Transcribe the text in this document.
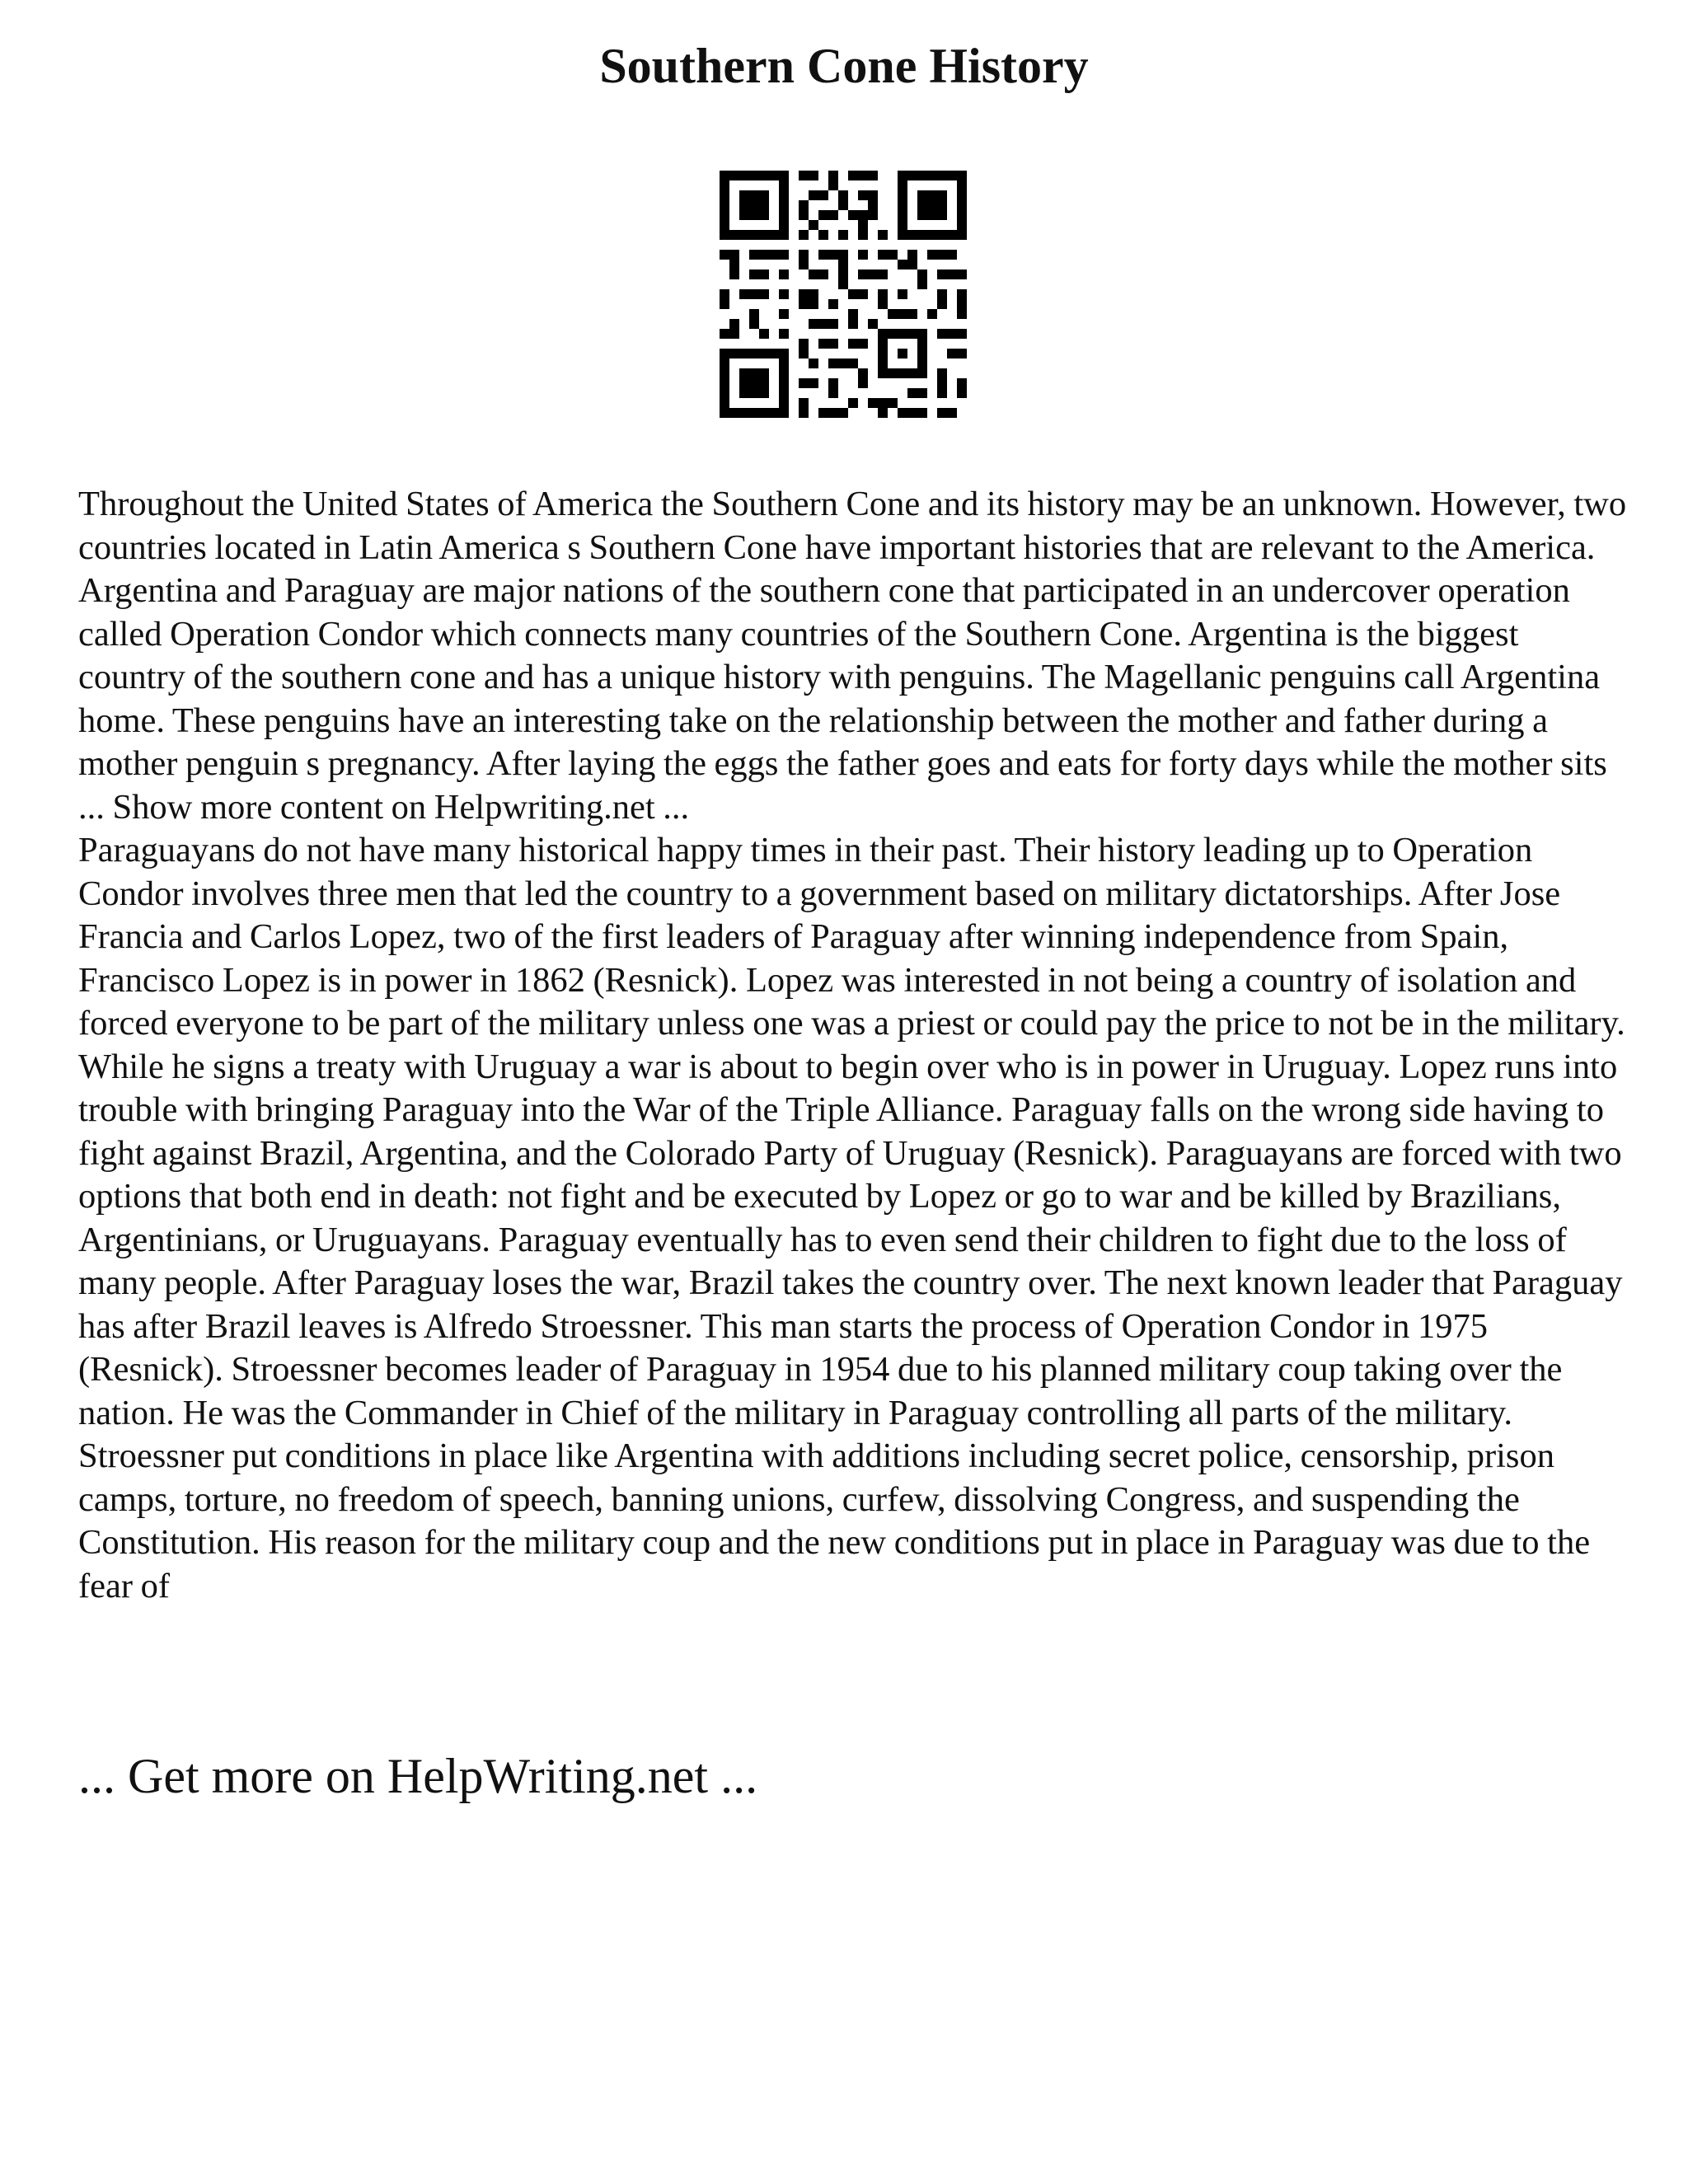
Southern Cone History

Throughout the United States of America the Southern Cone and its history may be an unknown. However, two countries located in Latin America s Southern Cone have important histories that are relevant to the America. Argentina and Paraguay are major nations of the southern cone that participated in an undercover operation called Operation Condor which connects many countries of the Southern Cone. Argentina is the biggest country of the southern cone and has a unique history with penguins. The Magellanic penguins call Argentina home. These penguins have an interesting take on the relationship between the mother and father during a mother penguin s pregnancy. After laying the eggs the father goes and eats for forty days while the mother sits ... Show more content on Helpwriting.net ...

Paraguayans do not have many historical happy times in their past. Their history leading up to Operation Condor involves three men that led the country to a government based on military dictatorships. After Jose Francia and Carlos Lopez, two of the first leaders of Paraguay after winning independence from Spain, Francisco Lopez is in power in 1862 (Resnick). Lopez was interested in not being a country of isolation and forced everyone to be part of the military unless one was a priest or could pay the price to not be in the military. While he signs a treaty with Uruguay a war is about to begin over who is in power in Uruguay. Lopez runs into trouble with bringing Paraguay into the War of the Triple Alliance. Paraguay falls on the wrong side having to fight against Brazil, Argentina, and the Colorado Party of Uruguay (Resnick). Paraguayans are forced with two options that both end in death: not fight and be executed by Lopez or go to war and be killed by Brazilians, Argentinians, or Uruguayans. Paraguay eventually has to even send their children to fight due to the loss of many people. After Paraguay loses the war, Brazil takes the country over. The next known leader that Paraguay has after Brazil leaves is Alfredo Stroessner. This man starts the process of Operation Condor in 1975 (Resnick). Stroessner becomes leader of Paraguay in 1954 due to his planned military coup taking over the nation. He was the Commander in Chief of the military in Paraguay controlling all parts of the military. Stroessner put conditions in place like Argentina with additions including secret police, censorship, prison camps, torture, no freedom of speech, banning unions, curfew, dissolving Congress, and suspending the Constitution. His reason for the military coup and the new conditions put in place in Paraguay was due to the fear of

... Get more on HelpWriting.net ...
